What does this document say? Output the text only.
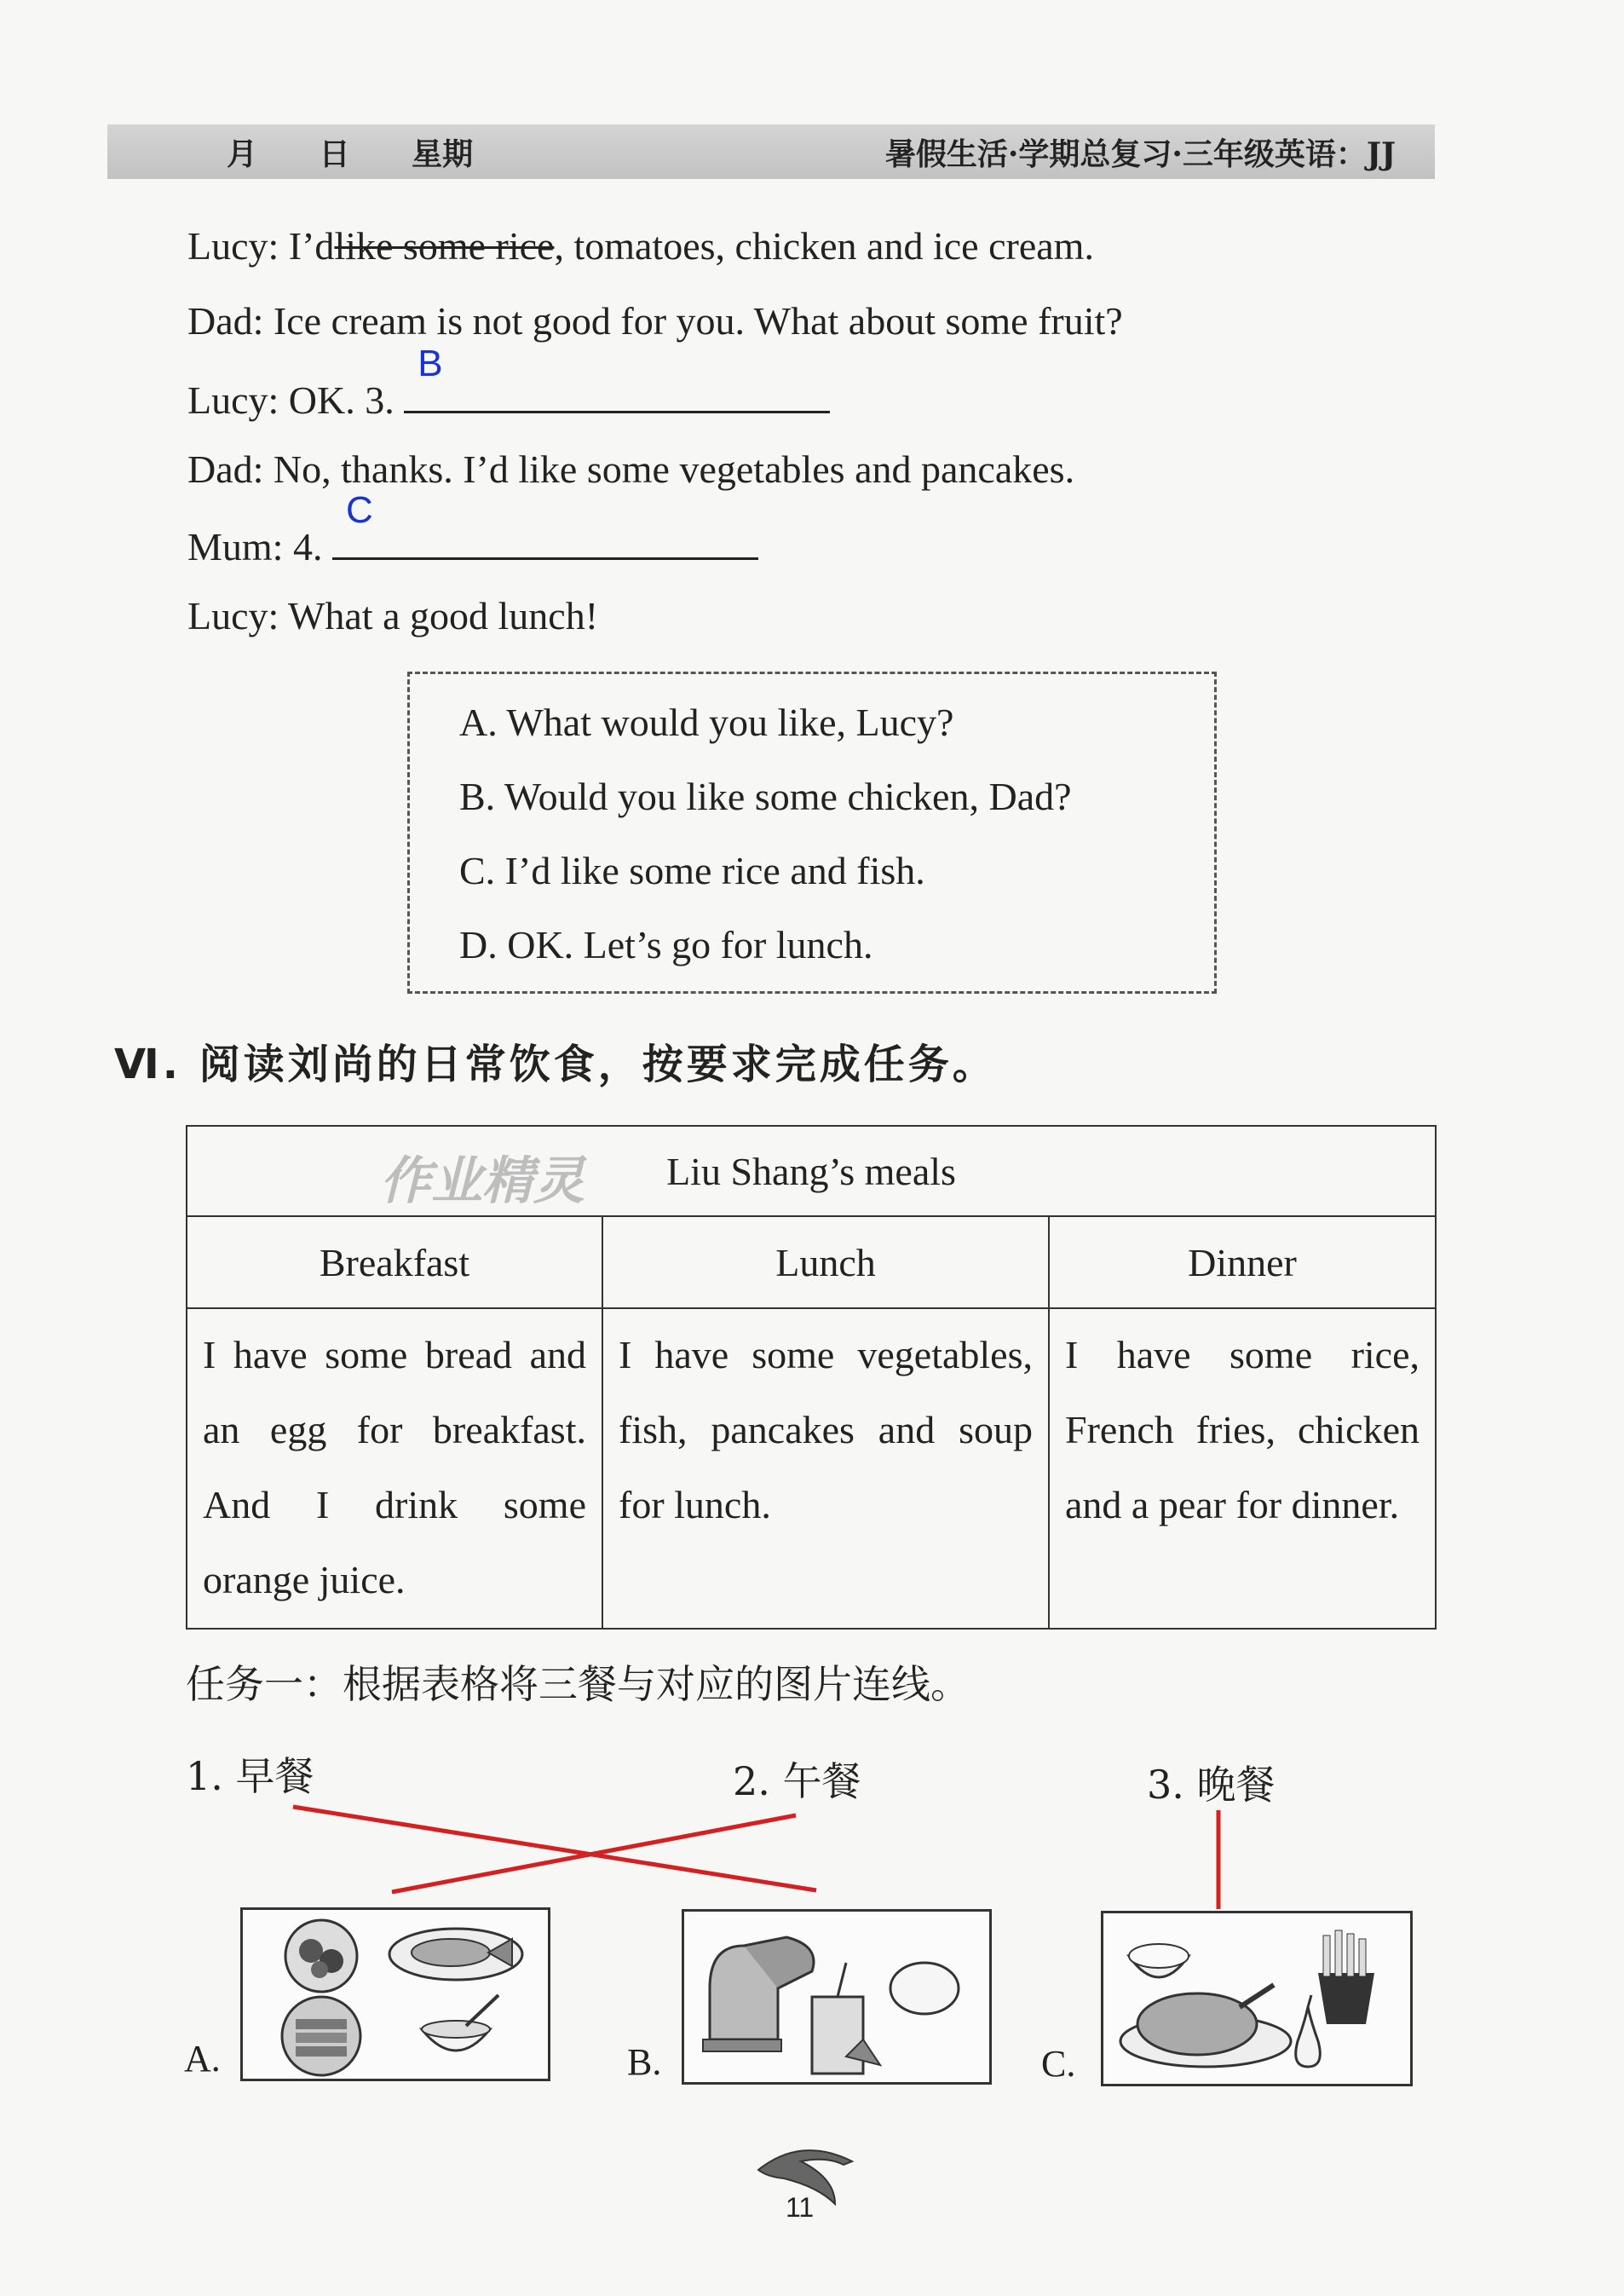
月 日 星期	暑假生活·学期总复习·三年级英语：JJ
Lucy: I’dlike some rice, tomatoes, chicken and ice cream.
Dad: Ice cream is not good for you. What about some fruit?
Lucy: OK. 3.
B
Dad: No, thanks. I’d like some vegetables and pancakes.
Mum: 4.
C
Lucy: What a good lunch!
A. What would you like, Lucy?
B. Would you like some chicken, Dad?
C. I’d like some rice and fish.
D. OK. Let’s go for lunch.
Ⅵ. 阅读刘尚的日常饮食，按要求完成任务。
作业精灵 Liu Shang’s meals		
Breakfast	Lunch	Dinner
I have some bread and an egg for breakfast. And I drink some orange juice.	I have some vegetables, fish, pancakes and soup for lunch.	I have some rice, French fries, chicken and a pear for dinner.
任务一：根据表格将三餐与对应的图片连线。
1. 早餐	2. 午餐	3. 晚餐
A.	B.	C.
11
